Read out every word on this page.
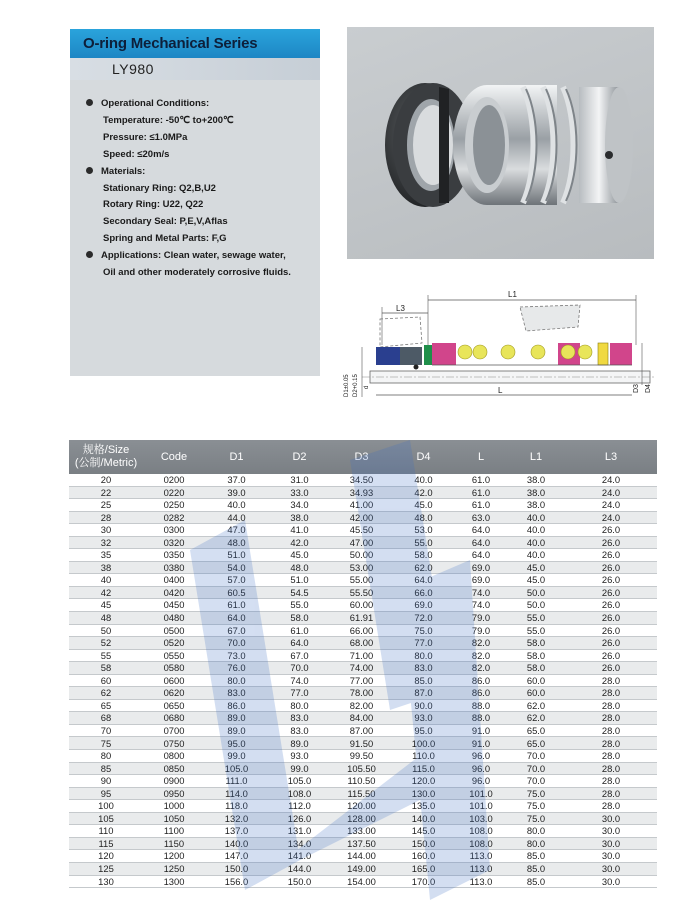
O-ring Mechanical Series
LY980
Operational Conditions:
Temperature: -50℃ to+200℃
Pressure: ≤1.0MPa
Speed: ≤20m/s
Materials:
Stationary Ring: Q2,B,U2
Rotary Ring: U22, Q22
Secondary Seal: P,E,V,Aflas
Spring and Metal Parts: F,G
Applications: Clean water, sewage water,
Oil and other moderately corrosive fluids.
L1
L3
L
D1±0.05 D2+0.15 d	D3 D4
规格/Size
(公制/Metric)	Code	D1	D2	D3	D4	L	L1	L3
20	0200	37.0	31.0	34.50	40.0	61.0	38.0	24.0
22	0220	39.0	33.0	34.93	42.0	61.0	38.0	24.0
25	0250	40.0	34.0	41.00	45.0	61.0	38.0	24.0
28	0282	44.0	38.0	42.00	48.0	63.0	40.0	24.0
30	0300	47.0	41.0	45.50	53.0	64.0	40.0	26.0
32	0320	48.0	42.0	47.00	55.0	64.0	40.0	26.0
35	0350	51.0	45.0	50.00	58.0	64.0	40.0	26.0
38	0380	54.0	48.0	53.00	62.0	69.0	45.0	26.0
40	0400	57.0	51.0	55.00	64.0	69.0	45.0	26.0
42	0420	60.5	54.5	55.50	66.0	74.0	50.0	26.0
45	0450	61.0	55.0	60.00	69.0	74.0	50.0	26.0
48	0480	64.0	58.0	61.91	72.0	79.0	55.0	26.0
50	0500	67.0	61.0	66.00	75.0	79.0	55.0	26.0
52	0520	70.0	64.0	68.00	77.0	82.0	58.0	26.0
55	0550	73.0	67.0	71.00	80.0	82.0	58.0	26.0
58	0580	76.0	70.0	74.00	83.0	82.0	58.0	26.0
60	0600	80.0	74.0	77.00	85.0	86.0	60.0	28.0
62	0620	83.0	77.0	78.00	87.0	86.0	60.0	28.0
65	0650	86.0	80.0	82.00	90.0	88.0	62.0	28.0
68	0680	89.0	83.0	84.00	93.0	88.0	62.0	28.0
70	0700	89.0	83.0	87.00	95.0	91.0	65.0	28.0
75	0750	95.0	89.0	91.50	100.0	91.0	65.0	28.0
80	0800	99.0	93.0	99.50	110.0	96.0	70.0	28.0
85	0850	105.0	99.0	105.50	115.0	96.0	70.0	28.0
90	0900	111.0	105.0	110.50	120.0	96.0	70.0	28.0
95	0950	114.0	108.0	115.50	130.0	101.0	75.0	28.0
100	1000	118.0	112.0	120.00	135.0	101.0	75.0	28.0
105	1050	132.0	126.0	128.00	140.0	103.0	75.0	30.0
110	1100	137.0	131.0	133.00	145.0	108.0	80.0	30.0
115	1150	140.0	134.0	137.50	150.0	108.0	80.0	30.0
120	1200	147.0	141.0	144.00	160.0	113.0	85.0	30.0
125	1250	150.0	144.0	149.00	165.0	113.0	85.0	30.0
130	1300	156.0	150.0	154.00	170.0	113.0	85.0	30.0
